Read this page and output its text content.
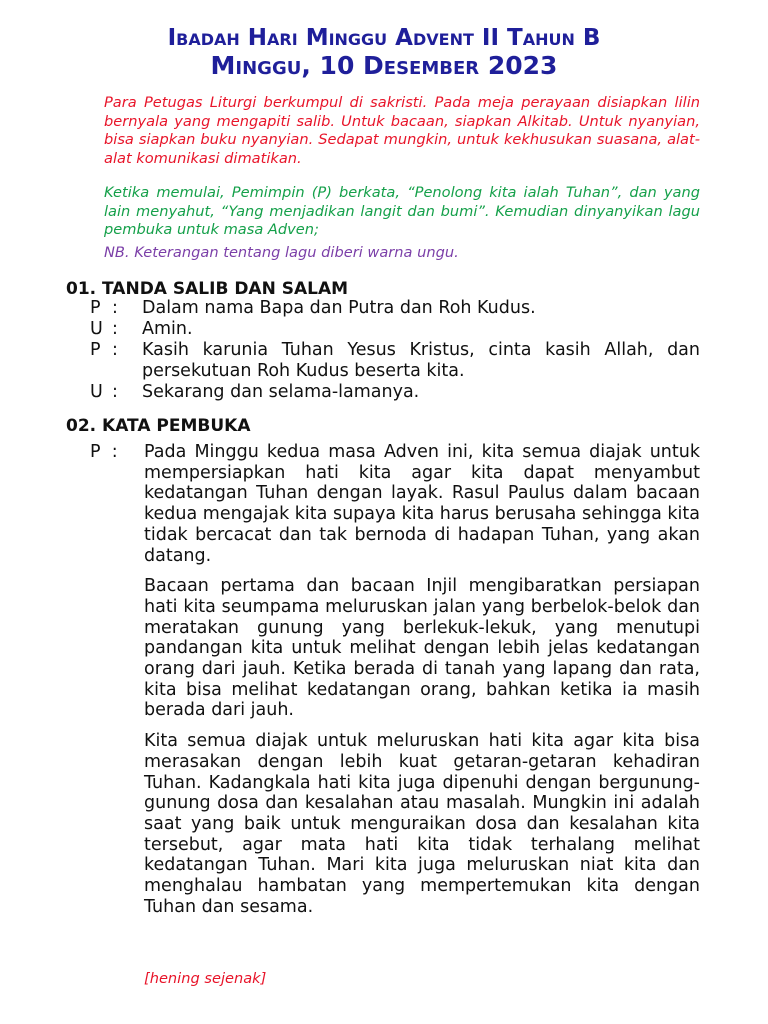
Ibadah Hari Minggu Advent II Tahun B
Minggu, 10 Desember 2023

Para Petugas Liturgi berkumpul di sakristi. Pada meja perayaan disiapkan lilin bernyala yang mengapiti salib. Untuk bacaan, siapkan Alkitab. Untuk nyanyian, bisa siapkan buku nyanyian. Sedapat mungkin, untuk kekhusukan suasana, alat-alat komunikasi dimatikan.

Ketika memulai, Pemimpin (P) berkata, “Penolong kita ialah Tuhan”, dan yang lain menyahut, “Yang menjadikan langit dan bumi”. Kemudian dinyanyikan lagu pembuka untuk masa Adven;

NB. Keterangan tentang lagu diberi warna ungu.

01. TANDA SALIB DAN SALAM
P :	Dalam nama Bapa dan Putra dan Roh Kudus.
U :	Amin.
P :	Kasih karunia Tuhan Yesus Kristus, cinta kasih Allah, dan persekutuan Roh Kudus beserta kita.
U :	Sekarang dan selama-lamanya.
02. KATA PEMBUKA
P :	Pada Minggu kedua masa Adven ini, kita semua diajak untuk mempersiapkan hati kita agar kita dapat menyambut kedatangan Tuhan dengan layak. Rasul Paulus dalam bacaan kedua mengajak kita supaya kita harus berusaha sehingga kita tidak bercacat dan tak bernoda di hadapan Tuhan, yang akan datang.

Bacaan pertama dan bacaan Injil mengibaratkan persiapan hati kita seumpama meluruskan jalan yang berbelok-belok dan meratakan gunung yang berlekuk-lekuk, yang menutupi pandangan kita untuk melihat dengan lebih jelas kedatangan orang dari jauh. Ketika berada di tanah yang lapang dan rata, kita bisa melihat kedatangan orang, bahkan ketika ia masih berada dari jauh.

Kita semua diajak untuk meluruskan hati kita agar kita bisa merasakan dengan lebih kuat getaran-getaran kehadiran Tuhan. Kadangkala hati kita juga dipenuhi dengan bergunung-gunung dosa dan kesalahan atau masalah. Mungkin ini adalah saat yang baik untuk menguraikan dosa dan kesalahan kita tersebut, agar mata hati kita tidak terhalang melihat kedatangan Tuhan. Mari kita juga meluruskan niat kita dan menghalau hambatan yang mempertemukan kita dengan Tuhan dan sesama.

[hening sejenak]
